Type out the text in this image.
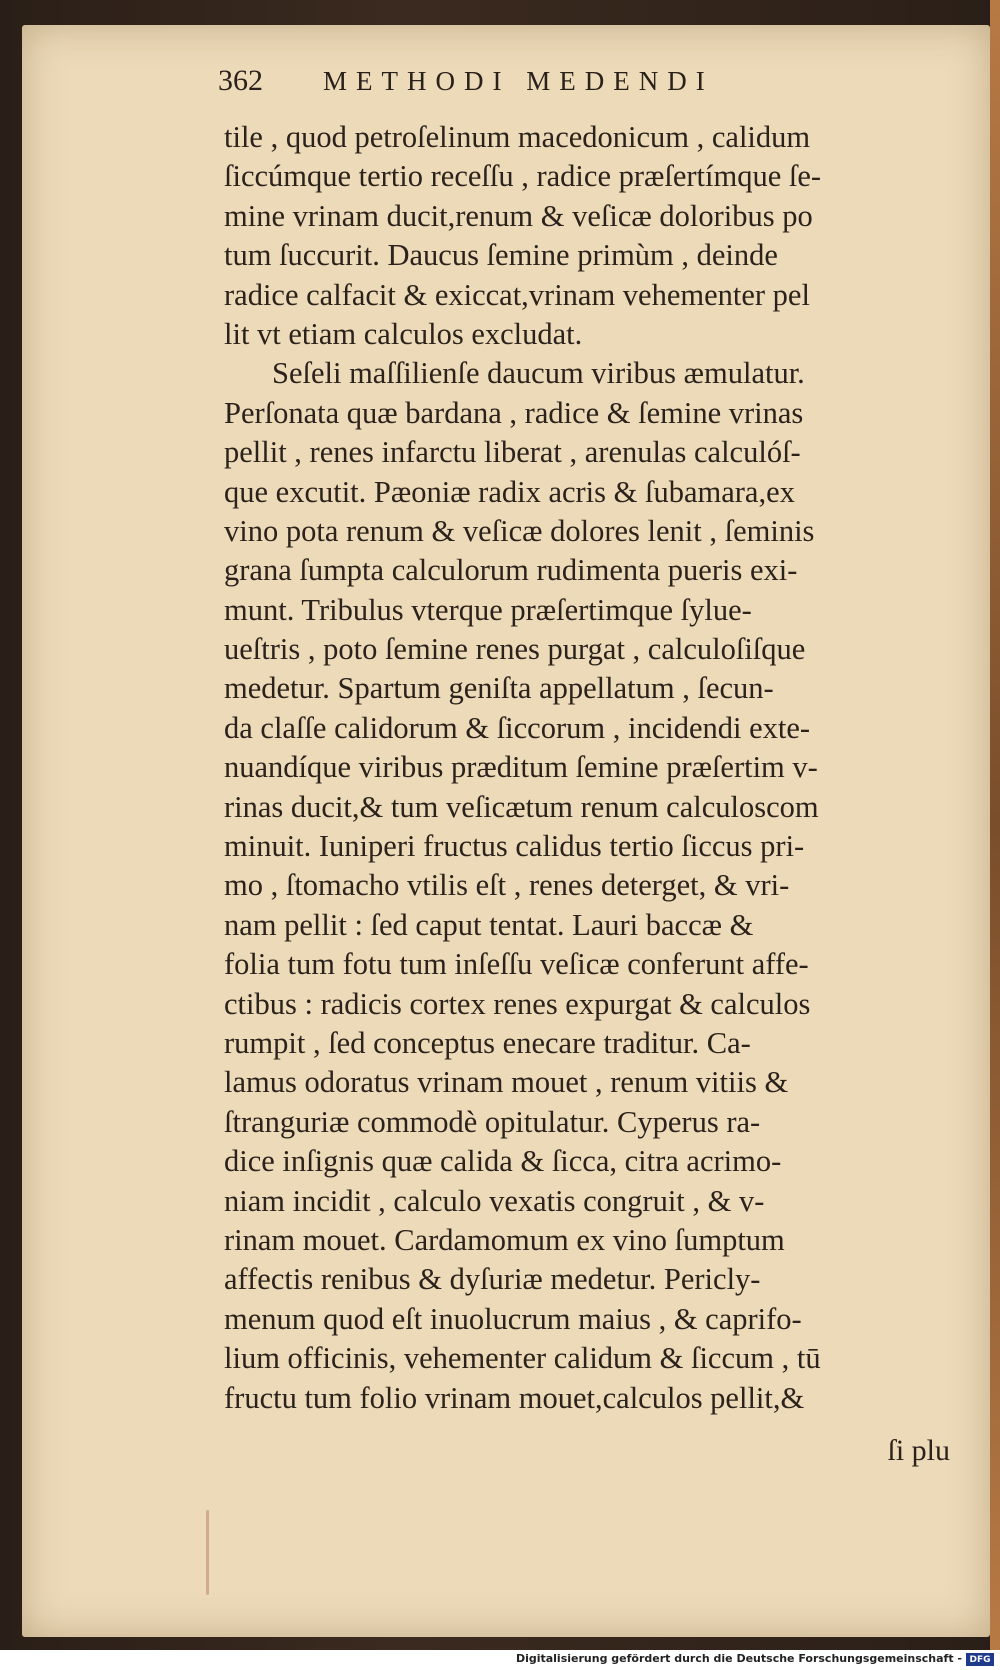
362 METHODI MEDENDI
tile , quod petroſelinum macedonicum , calidum
ſiccúmque tertio receſſu , radice præſertímque ſe-
mine vrinam ducit,renum & veſicæ doloribus po
tum ſuccurit. Daucus ſemine primùm , deinde
radice calfacit & exiccat,vrinam vehementer pel
lit vt etiam calculos excludat.
Seſeli maſſilienſe daucum viribus æmulatur.
Perſonata quæ bardana , radice & ſemine vrinas
pellit , renes infarctu liberat , arenulas calculóſ-
que excutit. Pæoniæ radix acris & ſubamara,ex
vino pota renum & veſicæ dolores lenit , ſeminis
grana ſumpta calculorum rudimenta pueris exi-
munt. Tribulus vterque præſertimque ſylue-
ueſtris , poto ſemine renes purgat , calculoſiſque
medetur. Spartum geniſta appellatum , ſecun-
da claſſe calidorum & ſiccorum , incidendi exte-
nuandíque viribus præditum ſemine præſertim v-
rinas ducit,& tum veſicætum renum calculoscom
minuit. Iuniperi fructus calidus tertio ſiccus pri-
mo , ſtomacho vtilis eſt , renes deterget, & vri-
nam pellit : ſed caput tentat. Lauri baccæ &
folia tum fotu tum inſeſſu veſicæ conferunt affe-
ctibus : radicis cortex renes expurgat & calculos
rumpit , ſed conceptus enecare traditur. Ca-
lamus odoratus vrinam mouet , renum vitiis &
ſtranguriæ commodè opitulatur. Cyperus ra-
dice inſignis quæ calida & ſicca, citra acrimo-
niam incidit , calculo vexatis congruit , & v-
rinam mouet. Cardamomum ex vino ſumptum
affectis renibus & dyſuriæ medetur. Pericly-
menum quod eſt inuolucrum maius , & caprifo-
lium officinis, vehementer calidum & ſiccum , tū
fructu tum folio vrinam mouet,calculos pellit,&
ſi plu
Digitalisierung gefördert durch die Deutsche Forschungsgemeinschaft - DFG
